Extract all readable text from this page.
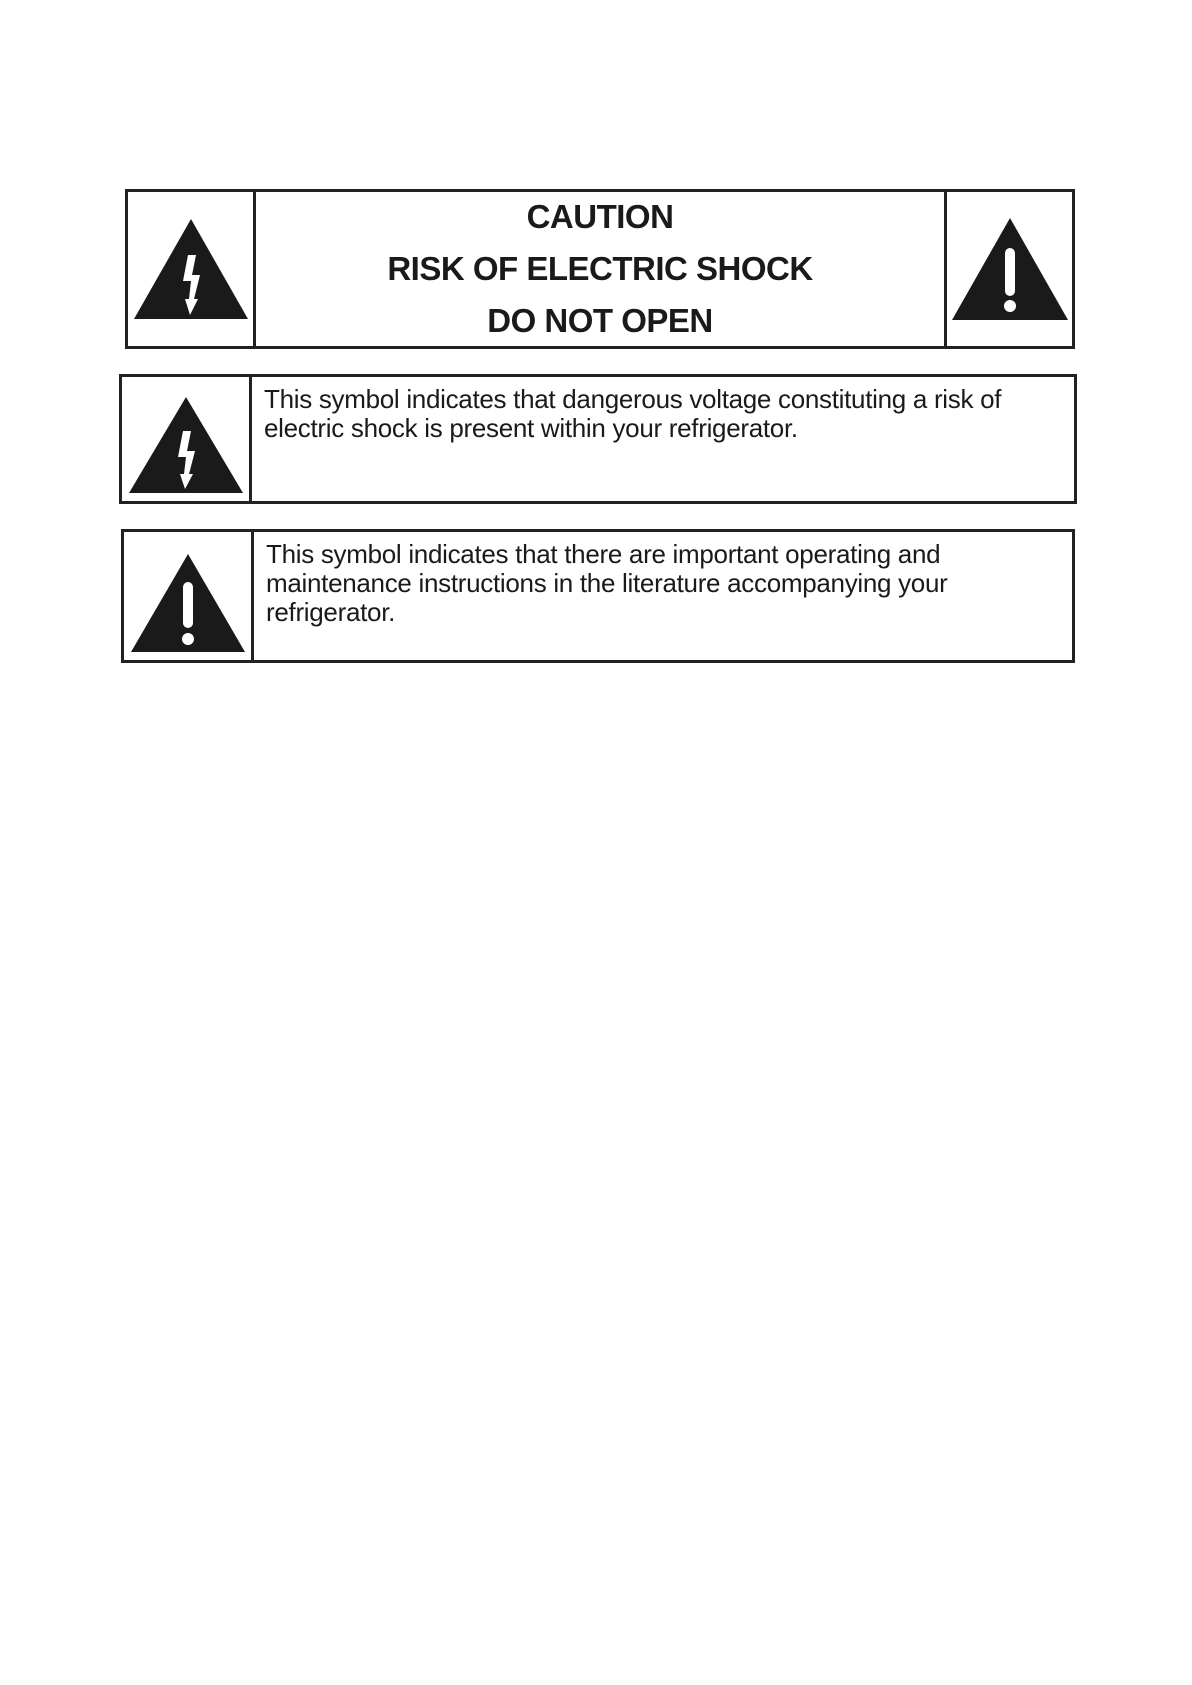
CAUTION
RISK OF ELECTRIC SHOCK
DO NOT OPEN
This symbol indicates that dangerous voltage constituting a risk of electric shock is present within your refrigerator.
This symbol indicates that there are important operating and maintenance instructions in the literature accompanying your refrigerator.
